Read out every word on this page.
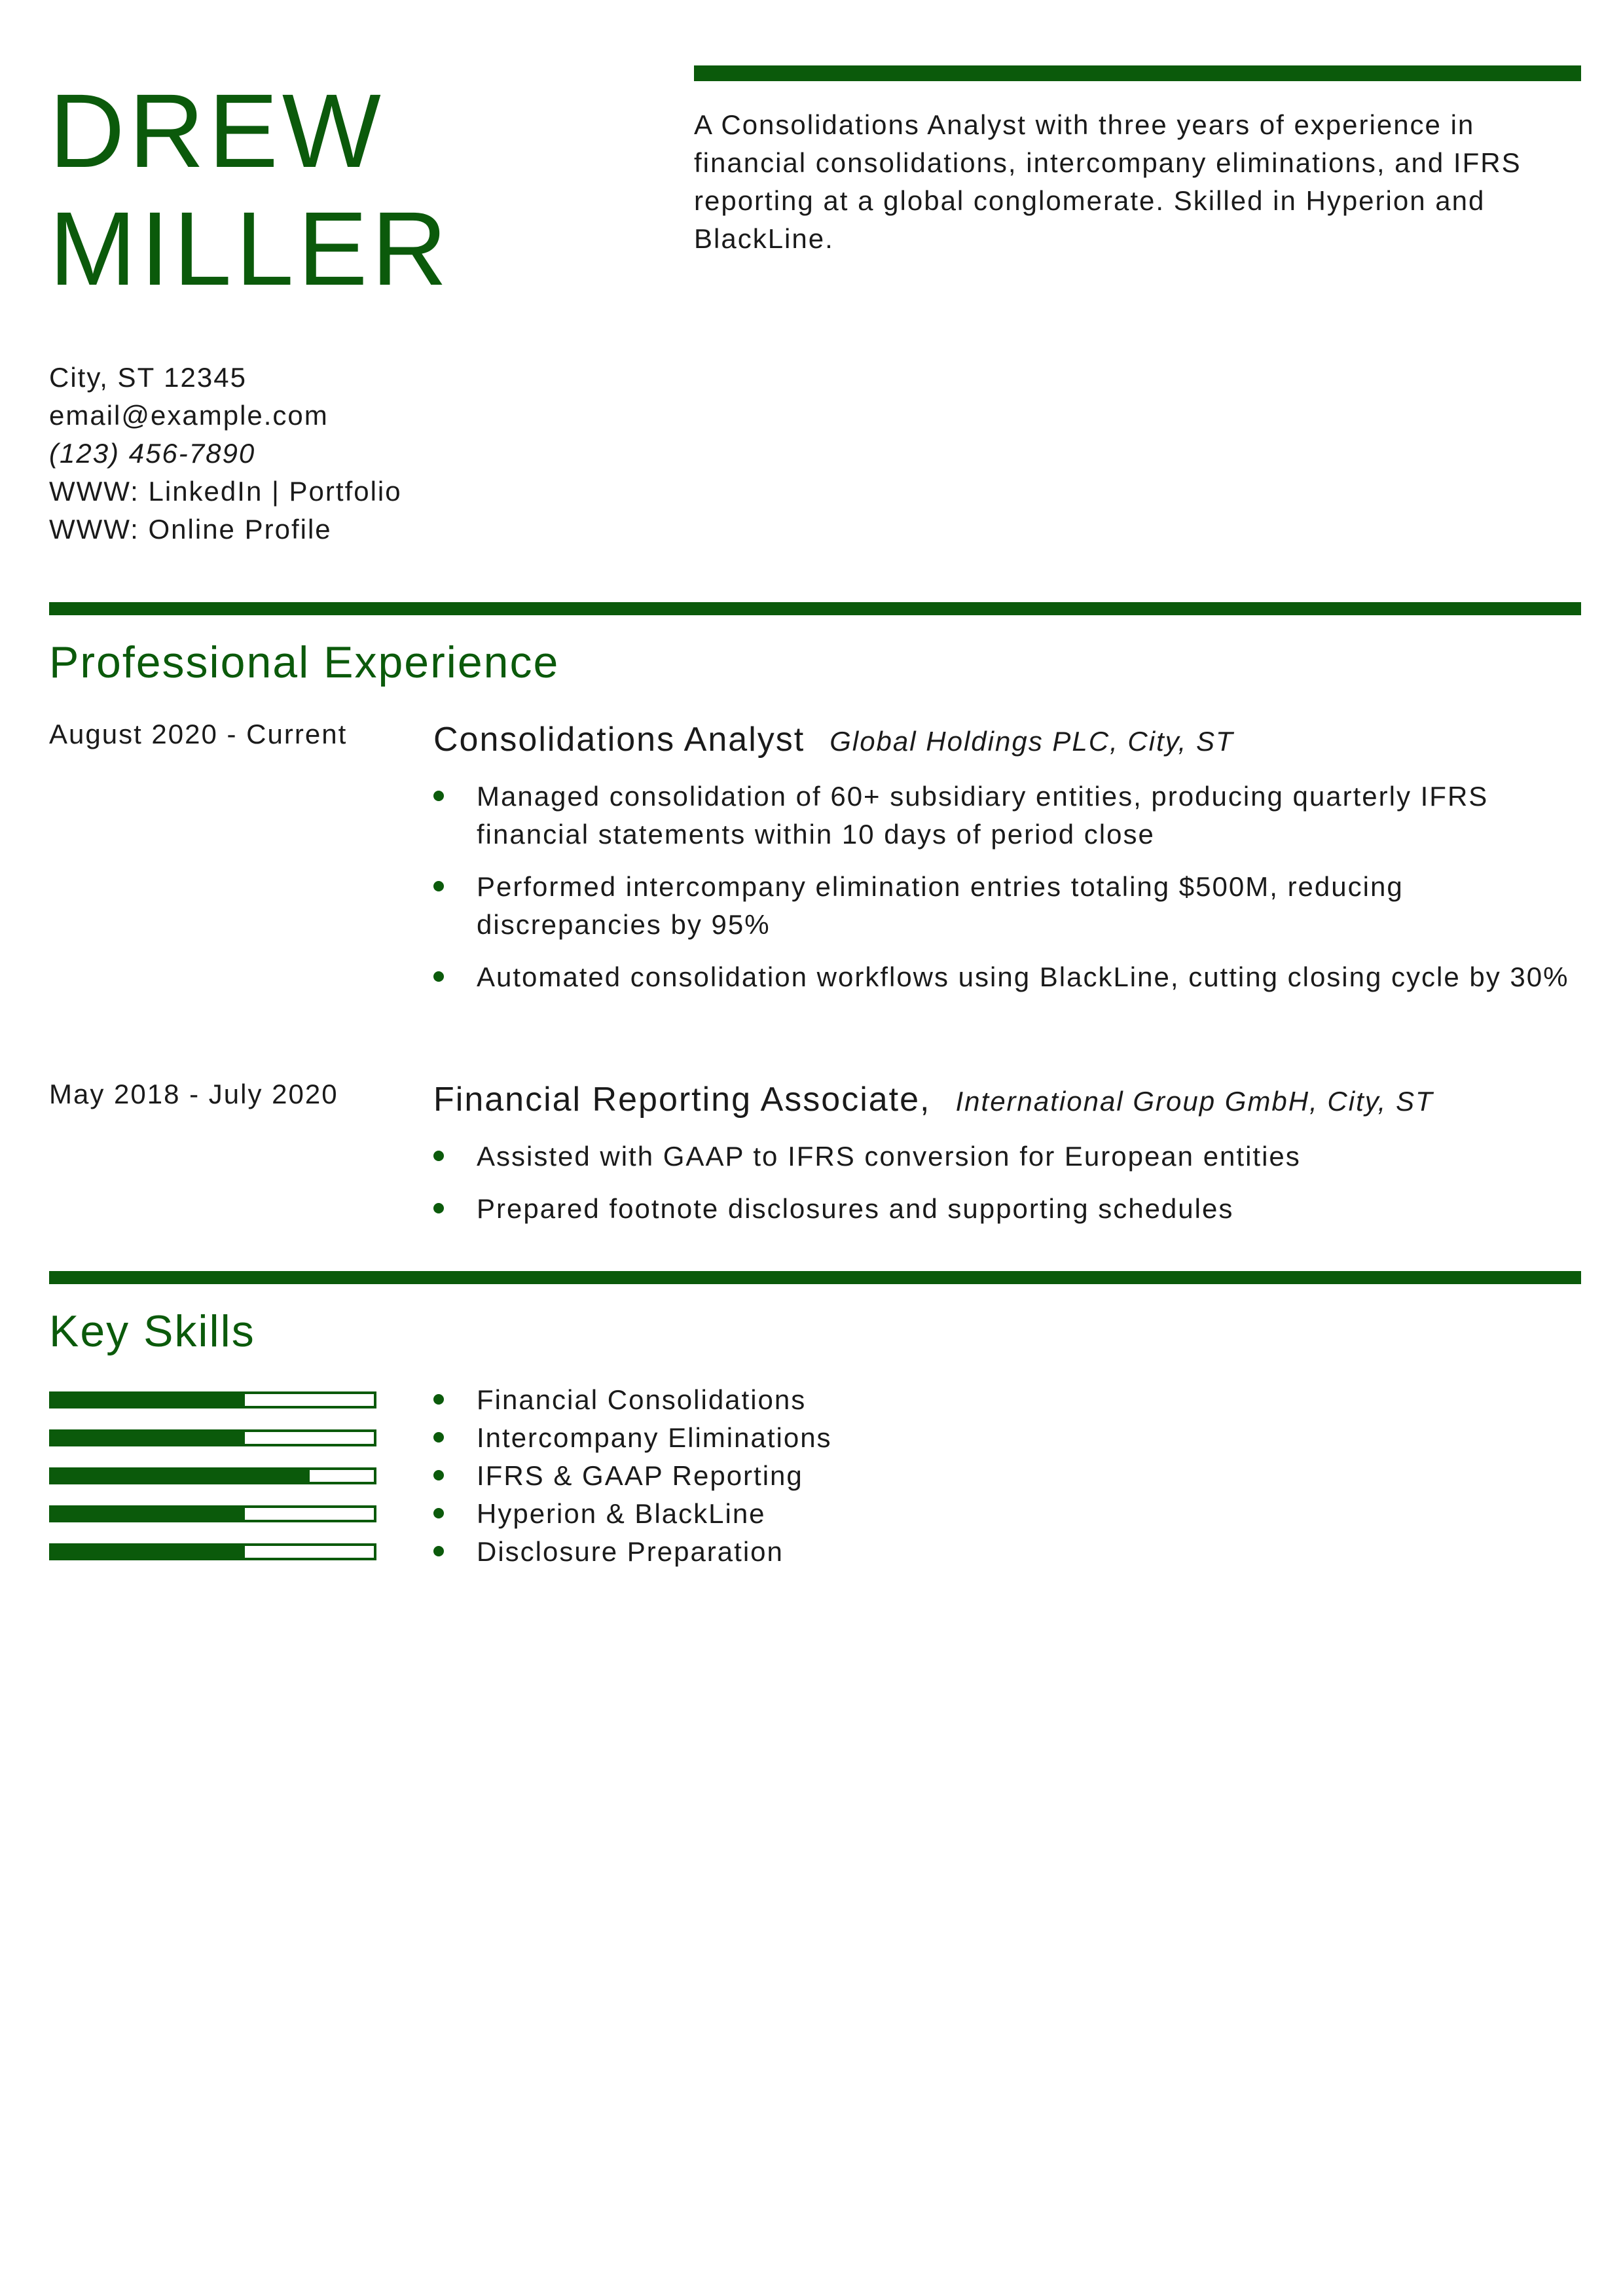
DREW
MILLER
A Consolidations Analyst with three years of experience in financial consolidations, intercompany eliminations, and IFRS reporting at a global conglomerate. Skilled in Hyperion and BlackLine.
City, ST 12345
email@example.com
(123) 456-7890
WWW: LinkedIn | Portfolio
WWW: Online Profile
Professional Experience
August 2020 - Current	Consolidations Analyst Global Holdings PLC, City, ST
Managed consolidation of 60+ subsidiary entities, producing quarterly IFRS financial statements within 10 days of period close
Performed intercompany elimination entries totaling $500M, reducing discrepancies by 95%
Automated consolidation workflows using BlackLine, cutting closing cycle by 30%
May 2018 - July 2020	Financial Reporting Associate, International Group GmbH, City, ST
Assisted with GAAP to IFRS conversion for European entities
Prepared footnote disclosures and supporting schedules
Key Skills
Financial Consolidations
Intercompany Eliminations
IFRS & GAAP Reporting
Hyperion & BlackLine
Disclosure Preparation
